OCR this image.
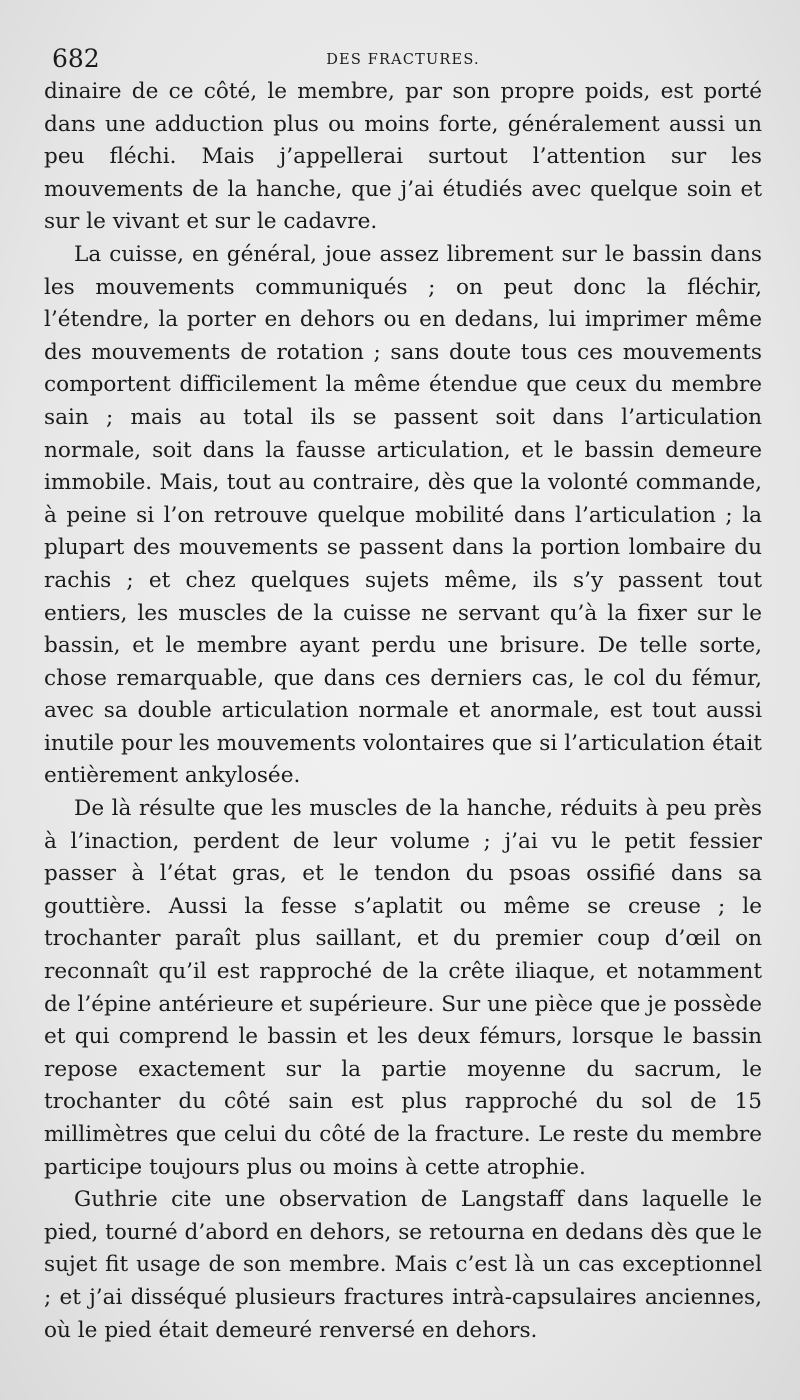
682	DES FRACTURES.

dinaire de ce côté, le membre, par son propre poids, est porté dans une adduction plus ou moins forte, généralement aussi un peu fléchi. Mais j’appellerai surtout l’attention sur les mouvements de la hanche, que j’ai étudiés avec quelque soin et sur le vivant et sur le cadavre.

La cuisse, en général, joue assez librement sur le bassin dans les mouvements communiqués ; on peut donc la fléchir, l’étendre, la porter en dehors ou en dedans, lui imprimer même des mouvements de rotation ; sans doute tous ces mouvements comportent difficilement la même étendue que ceux du membre sain ; mais au total ils se passent soit dans l’articulation normale, soit dans la fausse articulation, et le bassin demeure immobile. Mais, tout au contraire, dès que la volonté commande, à peine si l’on retrouve quelque mobilité dans l’articulation ; la plupart des mouvements se passent dans la portion lombaire du rachis ; et chez quelques sujets même, ils s’y passent tout entiers, les muscles de la cuisse ne servant qu’à la fixer sur le bassin, et le membre ayant perdu une brisure. De telle sorte, chose remarquable, que dans ces derniers cas, le col du fémur, avec sa double articulation normale et anormale, est tout aussi inutile pour les mouvements volontaires que si l’articulation était entièrement ankylosée.

De là résulte que les muscles de la hanche, réduits à peu près à l’inaction, perdent de leur volume ; j’ai vu le petit fessier passer à l’état gras, et le tendon du psoas ossifié dans sa gouttière. Aussi la fesse s’aplatit ou même se creuse ; le trochanter paraît plus saillant, et du premier coup d’œil on reconnaît qu’il est rapproché de la crête iliaque, et notamment de l’épine antérieure et supérieure. Sur une pièce que je possède et qui comprend le bassin et les deux fémurs, lorsque le bassin repose exactement sur la partie moyenne du sacrum, le trochanter du côté sain est plus rapproché du sol de 15 millimètres que celui du côté de la fracture. Le reste du membre participe toujours plus ou moins à cette atrophie.

Guthrie cite une observation de Langstaff dans laquelle le pied, tourné d’abord en dehors, se retourna en dedans dès que le sujet fit usage de son membre. Mais c’est là un cas exceptionnel ; et j’ai disséqué plusieurs fractures intrà-capsulaires anciennes, où le pied était demeuré renversé en dehors.
